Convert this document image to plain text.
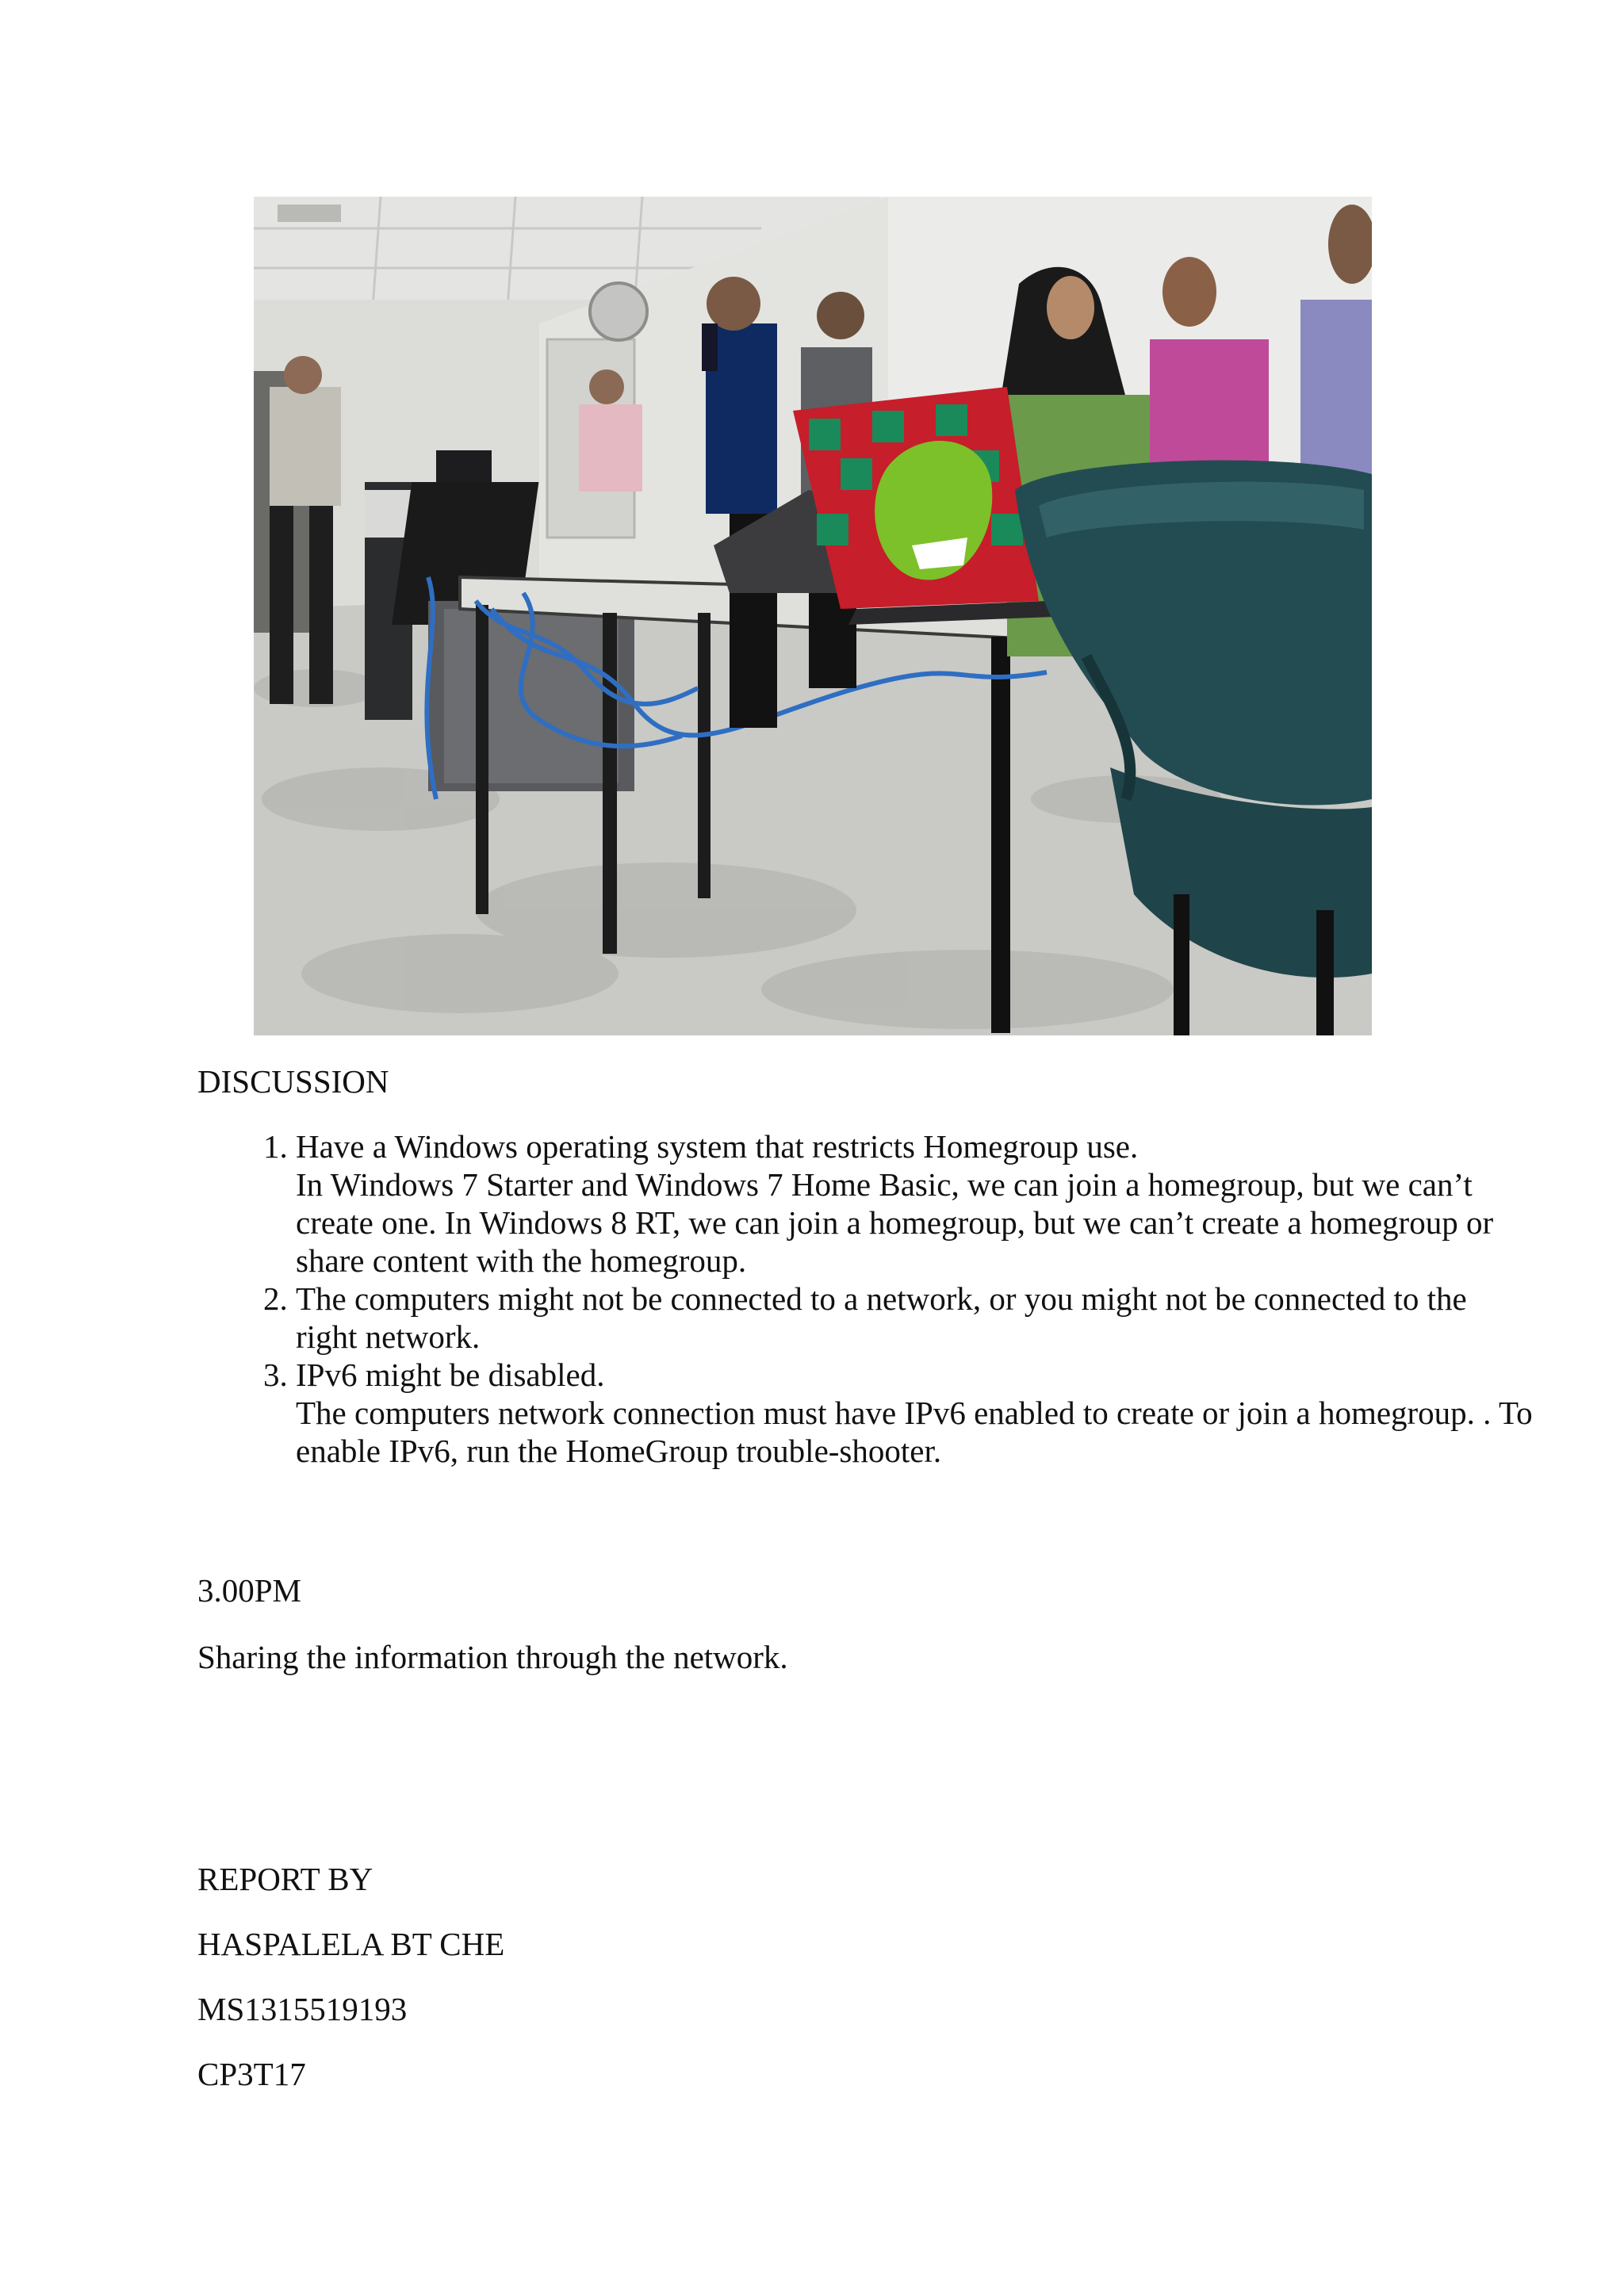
DISCUSSION
1. Have a Windows operating system that restricts Homegroup use.
In Windows 7 Starter and Windows 7 Home Basic, we can join a homegroup, but we can’t create one. In Windows 8 RT, we can join a homegroup, but we can’t create a homegroup or share content with the homegroup.
2. The computers might not be connected to a network, or you might not be connected to the right network.
3. IPv6 might be disabled.
The computers network connection must have IPv6 enabled to create or join a homegroup. . To enable IPv6, run the HomeGroup trouble-shooter.
3.00PM
Sharing the information through the network.
REPORT BY
HASPALELA BT CHE
MS1315519193
CP3T17
